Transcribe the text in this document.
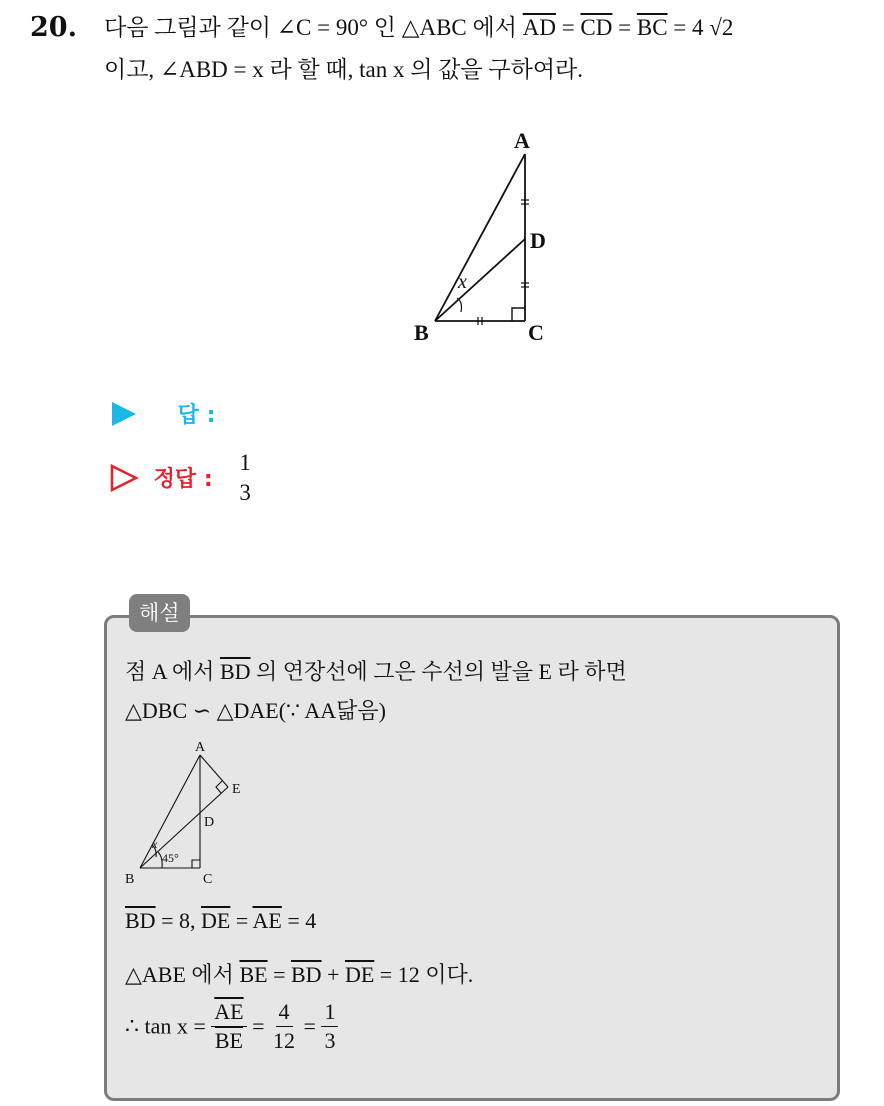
20. 다음 그림과 같이 ∠C = 90° 인 △ABC 에서 $\overline{AD} = \overline{CD} = \overline{BC} = 4$ √2
이고, ∠ABD = x 라 할 때, tan x 의 값을 구하여라.
A
B	C
D
x
답 :
정답 :
1
3
해설
점 A 에서 $\overline{BD}$ 의 연장선에 그은 수선의 발을 E 라 하면
△DBC ∽ △DAE(∵ AA닮음)
A
B	C
D
E
x
45°
$\overline{BD} = 8$, $\overline{DE} = \overline{AE} = 4$
△ABE 에서 $\overline{BE} = \overline{BD} + \overline{DE} = 12$ 이다.
∴ $\tan x = \frac{\overline{AE}}{BE} = \frac{4}{12} = \frac{1}{3}$
